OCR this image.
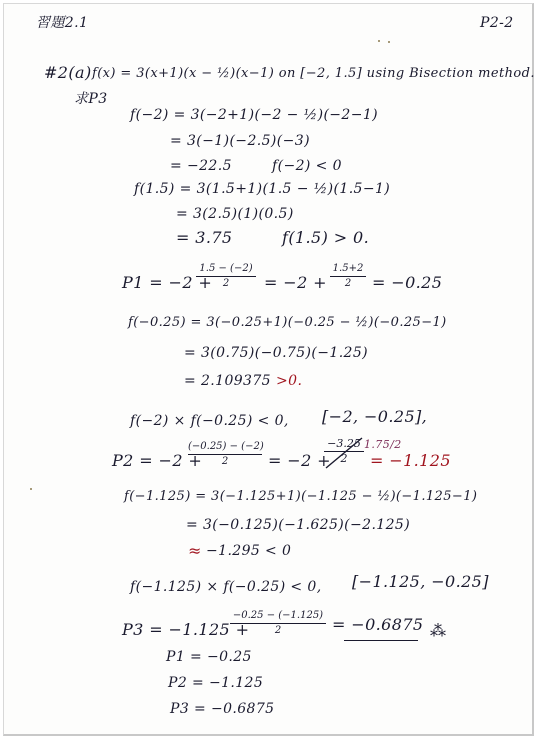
習題2.1	P2-2
#2(a) f(x) = 3(x+1)(x − ½)(x−1) on [−2, 1.5] using Bisection method.
求P3
f(−2) = 3(−2+1)(−2 − ½)(−2−1)
= 3(−1)(−2.5)(−3)
= −22.5	f(−2) < 0
f(1.5) = 3(1.5+1)(1.5 − ½)(1.5−1)
= 3(2.5)(1)(0.5)
= 3.75	f(1.5) > 0.
P1 = −2 +
1.5 − (−2)
2	= −2 +
1.5+2
2	= −0.25
f(−0.25) = 3(−0.25+1)(−0.25 − ½)(−0.25−1)
= 3(0.75)(−0.75)(−1.25)
= 2.109375 >0.
f(−2) × f(−0.25) < 0, [−2, −0.25],
P2 = −2 +
(−0.25) − (−2)
2	= −2 +
−3.25
2
1.75/2
= −1.125
f(−1.125) = 3(−1.125+1)(−1.125 − ½)(−1.125−1)
= 3(−0.125)(−1.625)(−2.125)
≈ −1.295 < 0
f(−1.125) × f(−0.25) < 0, [−1.125, −0.25]
P3 = −1.125 +
−0.25 − (−1.125)
2	= −0.6875 ⁂
P1 = −0.25
P2 = −1.125
P3 = −0.6875
